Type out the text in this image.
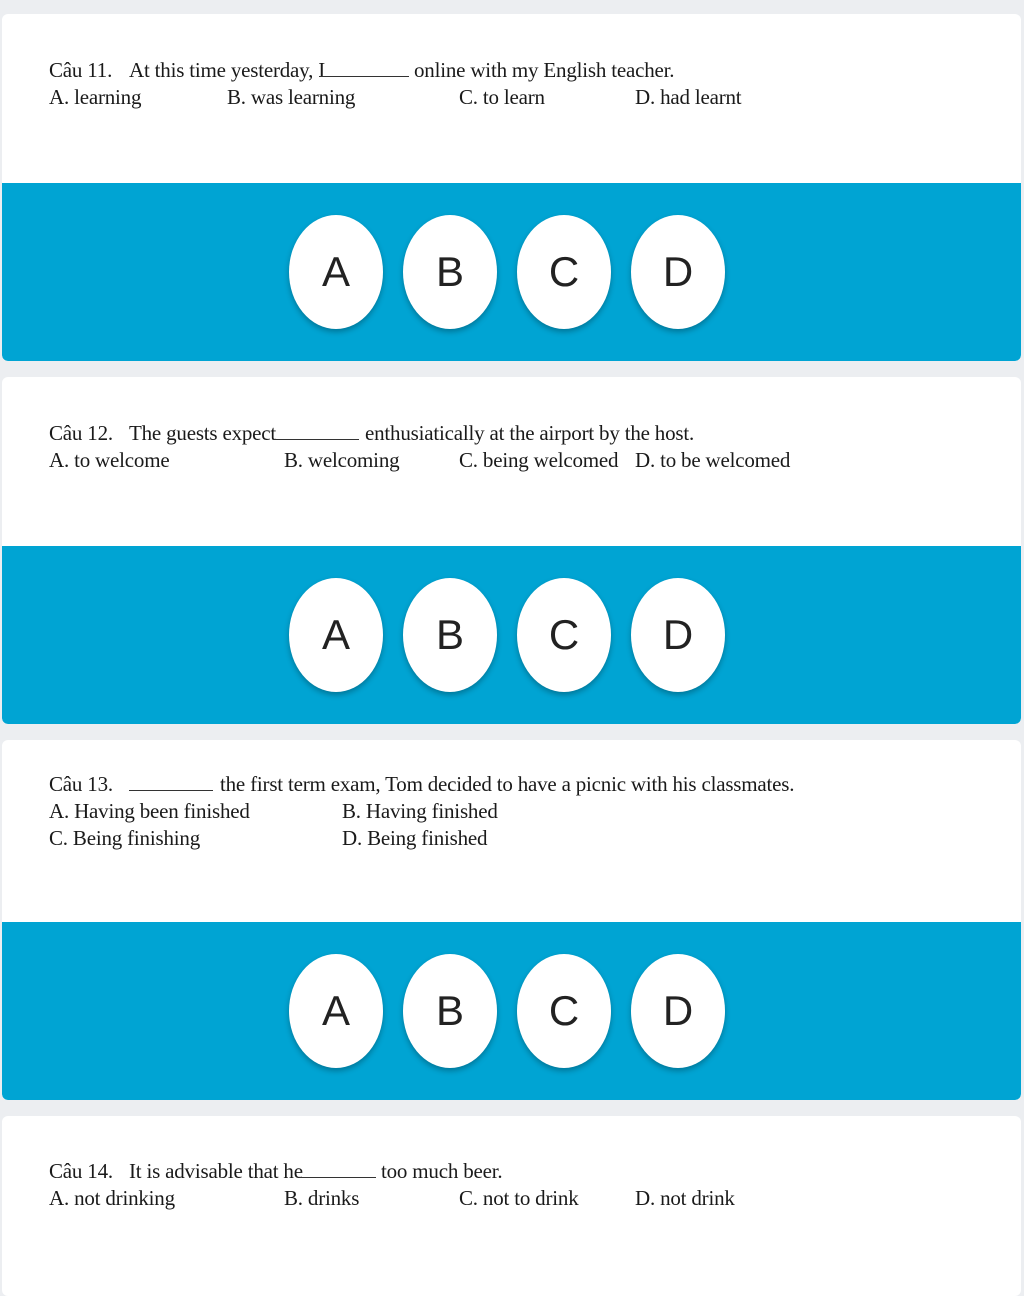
Câu 11. At this time yesterday, I	online with my English teacher.
A. learning	B. was learning	C. to learn	D. had learnt
A	B	C	D
Câu 12. The guests expect	enthusiatically at the airport by the host.
A. to welcome	B. welcoming	C. being welcomed D. to be welcomed
A	B	C	D
Câu 13.	the first term exam, Tom decided to have a picnic with his classmates.
A. Having been finished	B. Having finished
C. Being finishing	D. Being finished
A	B	C	D
Câu 14. It is advisable that he	too much beer.
A. not drinking	B. drinks	C. not to drink	D. not drink
